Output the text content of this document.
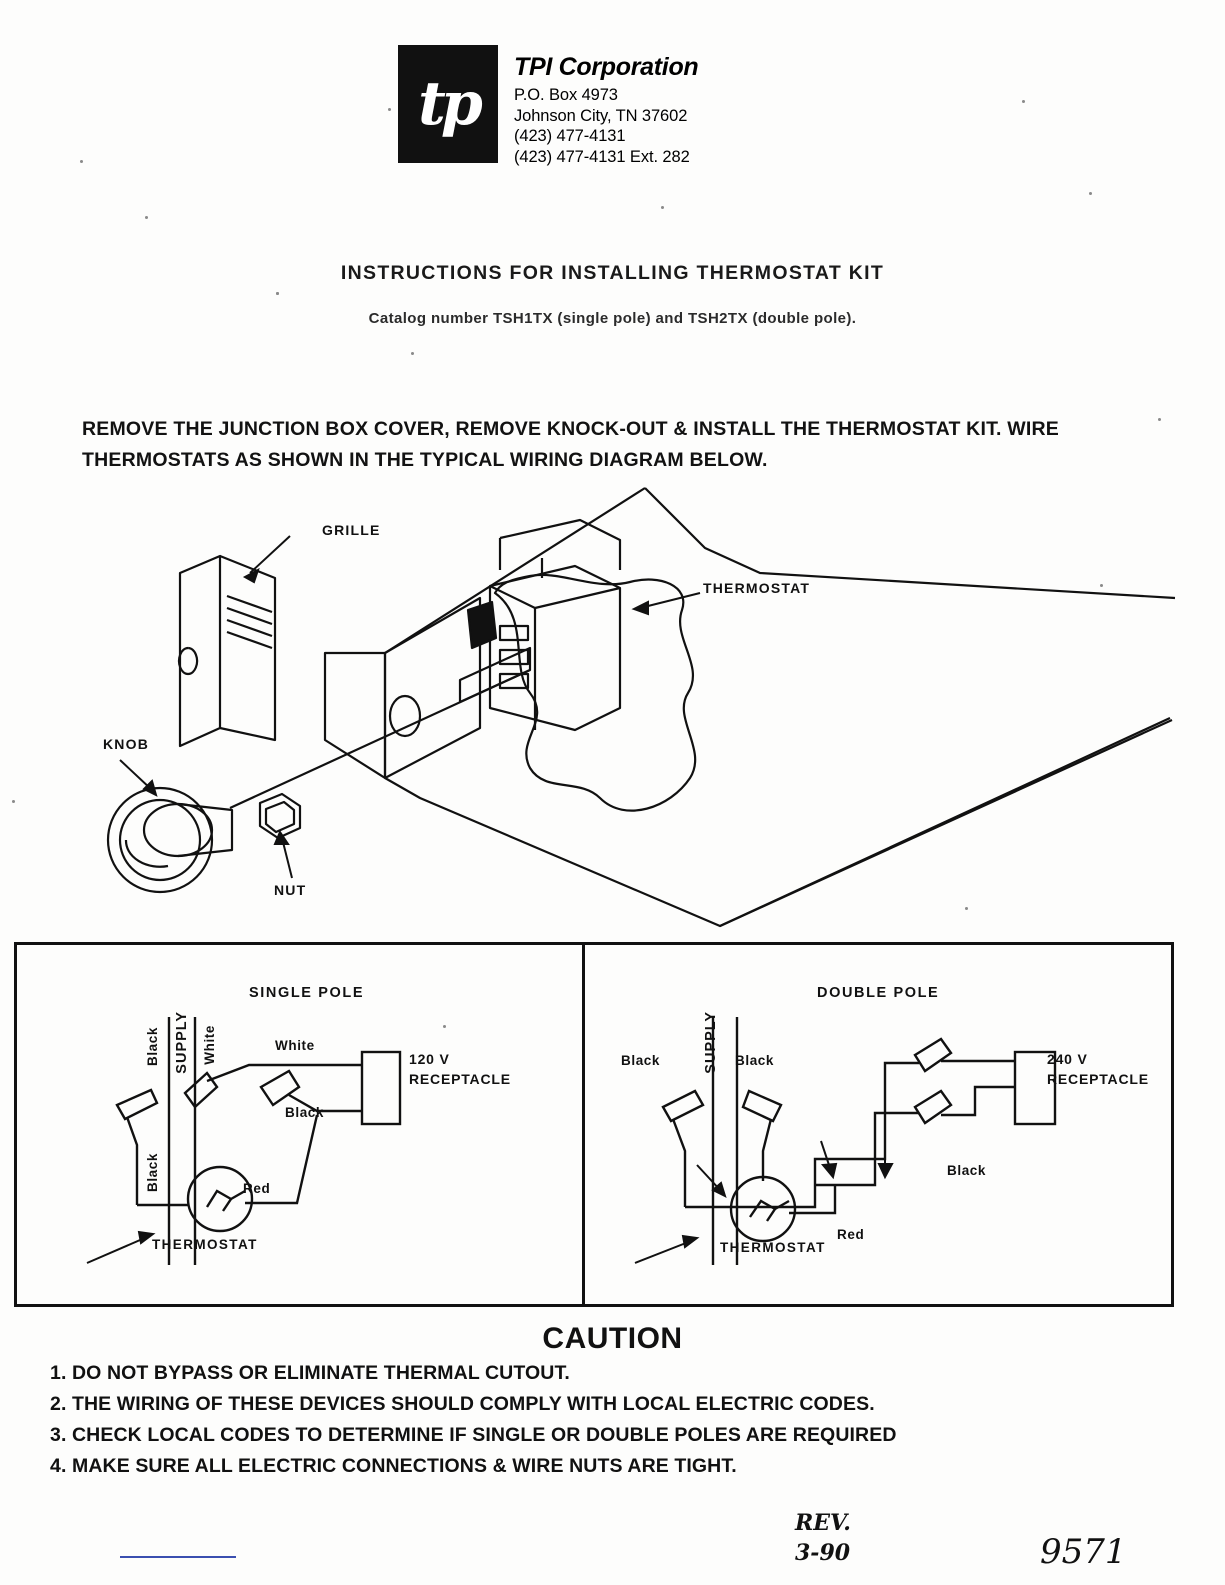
tp
TPI Corporation
P.O. Box 4973
Johnson City, TN 37602
(423) 477-4131
(423) 477-4131 Ext. 282
INSTRUCTIONS FOR INSTALLING THERMOSTAT KIT
Catalog number TSH1TX (single pole) and TSH2TX (double pole).
REMOVE THE JUNCTION BOX COVER, REMOVE KNOCK-OUT & INSTALL THE THERMOSTAT KIT. WIRE THERMOSTATS AS SHOWN IN THE TYPICAL WIRING DIAGRAM BELOW.
GRILLE
THERMOSTAT
KNOB
NUT
SINGLE POLE	DOUBLE POLE
Black SUPPLY White
Black
White
Black
Red
THERMOSTAT
120 V
RECEPTACLE
SUPPLY
Black	Black
Black
Red
THERMOSTAT
240 V
RECEPTACLE
CAUTION
1. DO NOT BYPASS OR ELIMINATE THERMAL CUTOUT.
2. THE WIRING OF THESE DEVICES SHOULD COMPLY WITH LOCAL ELECTRIC CODES.
3. CHECK LOCAL CODES TO DETERMINE IF SINGLE OR DOUBLE POLES ARE REQUIRED
4. MAKE SURE ALL ELECTRIC CONNECTIONS & WIRE NUTS ARE TIGHT.
REV.
3-90	9571
